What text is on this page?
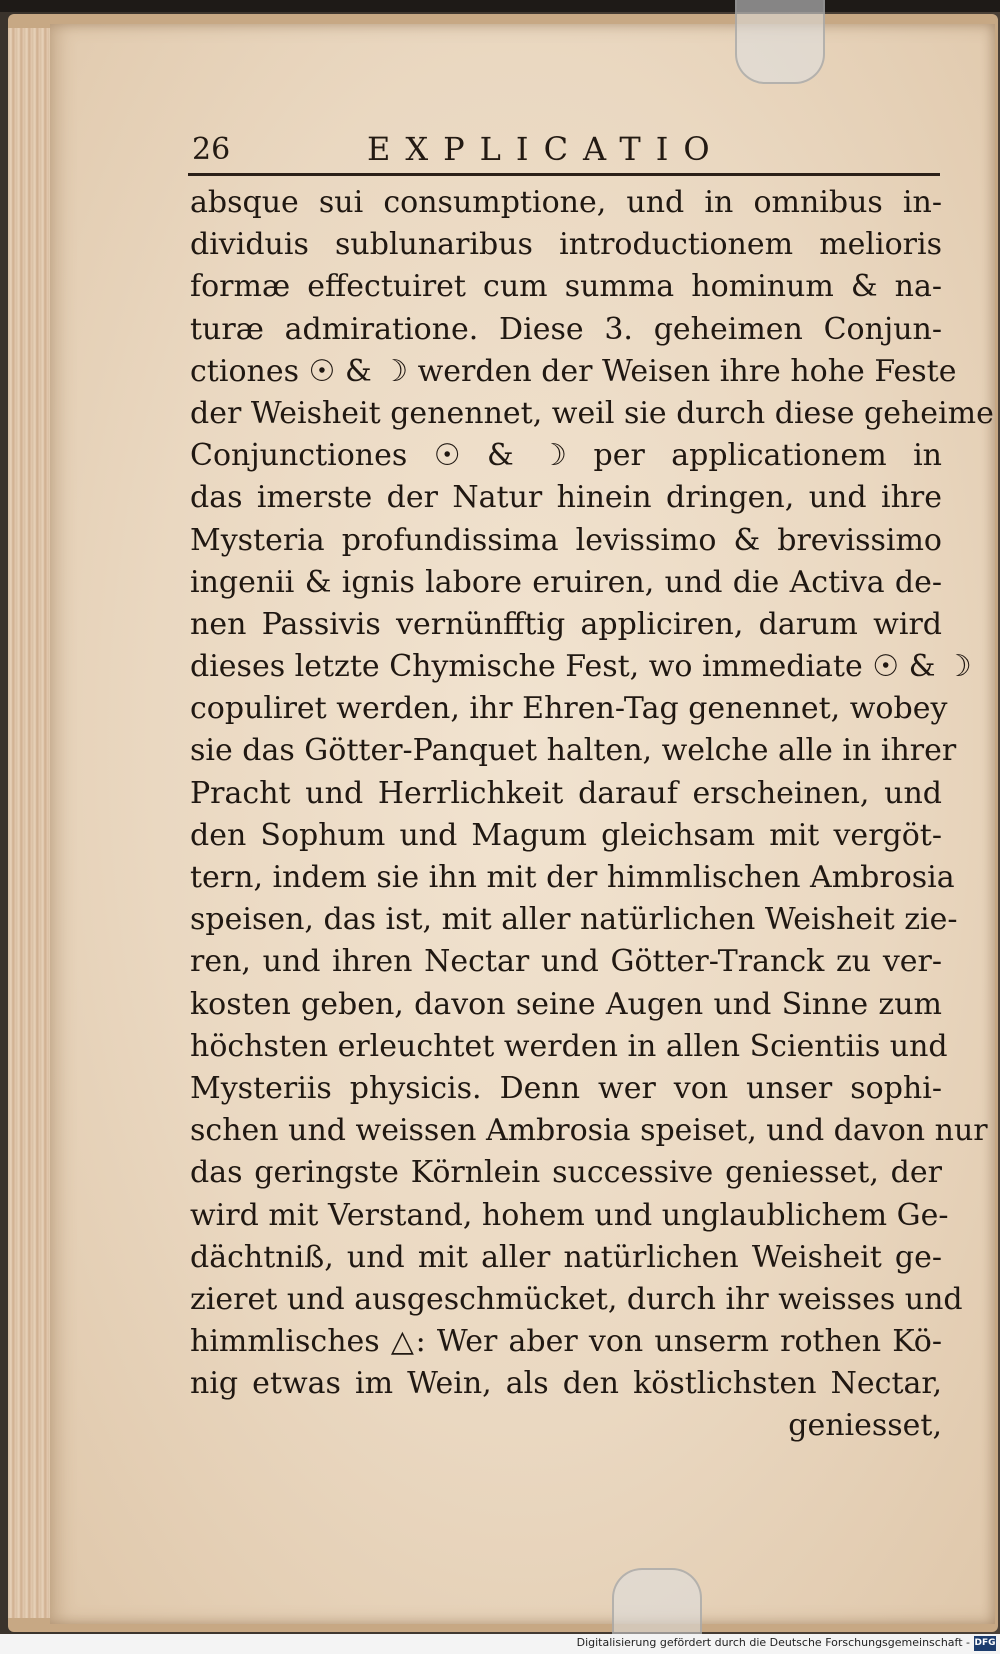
26	EXPLICATIO
absque sui consumptione, und in omnibus in-
dividuis sublunaribus introductionem melioris
formæ effectuiret cum summa hominum & na-
turæ admiratione. Diese 3. geheimen Conjun-
ctiones ☉ & ☽ werden der Weisen ihre hohe Feste
der Weisheit genennet, weil sie durch diese geheime
Conjunctiones ☉ & ☽ per applicationem in
das imerste der Natur hinein dringen, und ihre
Mysteria profundissima levissimo & brevissimo
ingenii & ignis labore eruiren, und die Activa de-
nen Passivis vernünfftig appliciren, darum wird
dieses letzte Chymische Fest, wo immediate ☉ & ☽
copuliret werden, ihr Ehren-Tag genennet, wobey
sie das Götter-Panquet halten, welche alle in ihrer
Pracht und Herrlichkeit darauf erscheinen, und
den Sophum und Magum gleichsam mit vergöt-
tern, indem sie ihn mit der himmlischen Ambrosia
speisen, das ist, mit aller natürlichen Weisheit zie-
ren, und ihren Nectar und Götter-Tranck zu ver-
kosten geben, davon seine Augen und Sinne zum
höchsten erleuchtet werden in allen Scientiis und
Mysteriis physicis. Denn wer von unser sophi-
schen und weissen Ambrosia speiset, und davon nur
das geringste Körnlein successive geniesset, der
wird mit Verstand, hohem und unglaublichem Ge-
dächtniß, und mit aller natürlichen Weisheit ge-
zieret und ausgeschmücket, durch ihr weisses und
himmlisches △: Wer aber von unserm rothen Kö-
nig etwas im Wein, als den köstlichsten Nectar,
geniesset,
Digitalisierung gefördert durch die Deutsche Forschungsgemeinschaft - DFG
